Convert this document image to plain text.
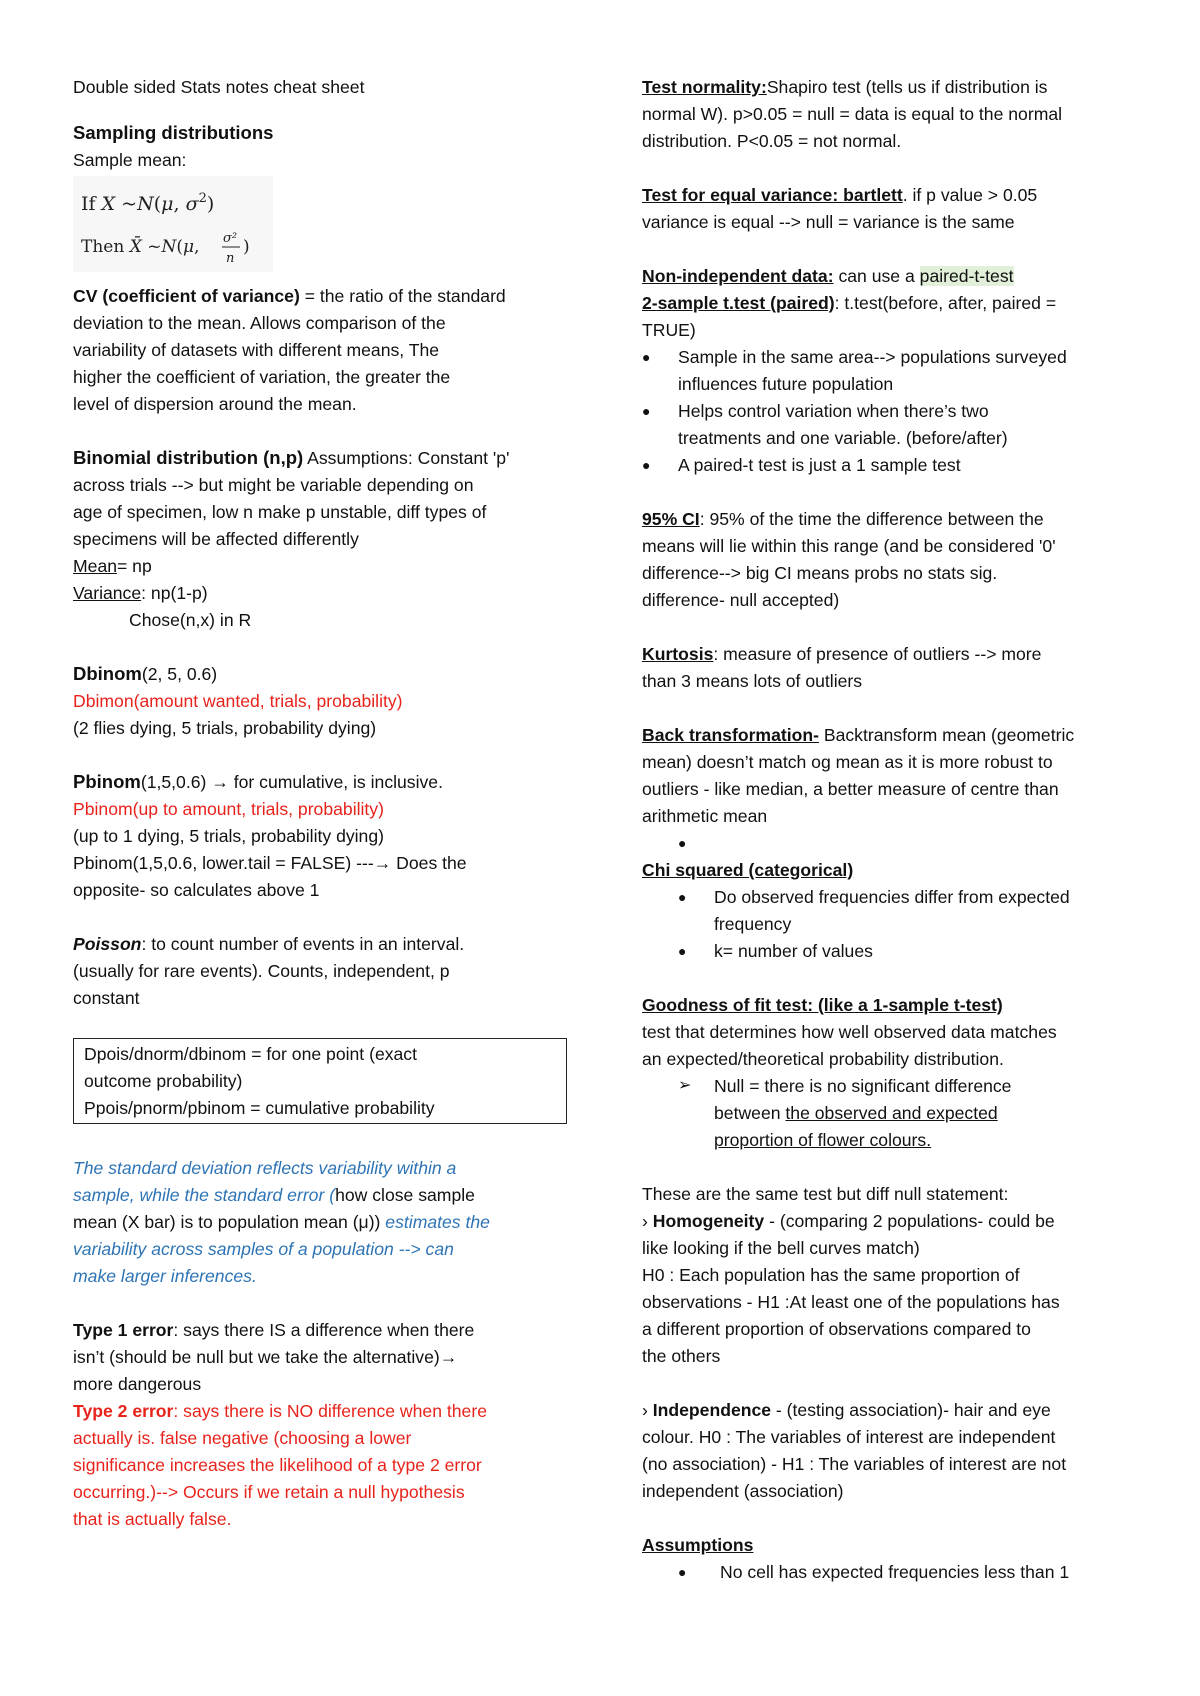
Double sided Stats notes cheat sheet
Sampling distributions
Sample mean:
If X ~N(μ, $\sigma^2$)
Then X̄ ~N(μ, σ²
n
)
CV (coefficient of variance) = the ratio of the standard
deviation to the mean. Allows comparison of the
variability of datasets with different means, The
higher the coefficient of variation, the greater the
level of dispersion around the mean.
Binomial distribution (n,p) Assumptions: Constant 'p'
across trials --> but might be variable depending on
age of specimen, low n make p unstable, diff types of
specimens will be affected differently
Mean= np
Variance: np(1-p)
Chose(n,x) in R
Dbinom(2, 5, 0.6)
Dbimon(amount wanted, trials, probability)
(2 flies dying, 5 trials, probability dying)
Pbinom(1,5,0.6) → for cumulative, is inclusive.
Pbinom(up to amount, trials, probability)
(up to 1 dying, 5 trials, probability dying)
Pbinom(1,5,0.6, lower.tail = FALSE) ---→ Does the
opposite- so calculates above 1
Poisson: to count number of events in an interval.
(usually for rare events). Counts, independent, p
constant
Dpois/dnorm/dbinom = for one point (exact
outcome probability)
Ppois/pnorm/pbinom = cumulative probability
The standard deviation reflects variability within a
sample, while the standard error (how close sample
mean (X bar) is to population mean (μ)) estimates the
variability across samples of a population --> can
make larger inferences.
Type 1 error: says there IS a difference when there
isn’t (should be null but we take the alternative)→
more dangerous
Type 2 error: says there is NO difference when there
actually is. false negative (choosing a lower
significance increases the likelihood of a type 2 error
occurring.)--> Occurs if we retain a null hypothesis
that is actually false.
Test normality:Shapiro test (tells us if distribution is
normal W). p>0.05 = null = data is equal to the normal
distribution. P<0.05 = not normal.
Test for equal variance: bartlett. if p value > 0.05
variance is equal --> null = variance is the same
Non-independent data: can use a paired-t-test
2-sample t.test (paired): t.test(before, after, paired =
TRUE)
● Sample in the same area--> populations surveyed
influences future population
● Helps control variation when there’s two
treatments and one variable. (before/after)
● A paired-t test is just a 1 sample test
95% CI: 95% of the time the difference between the
means will lie within this range (and be considered '0'
difference--> big CI means probs no stats sig.
difference- null accepted)
Kurtosis: measure of presence of outliers --> more
than 3 means lots of outliers
Back transformation- Backtransform mean (geometric
mean) doesn’t match og mean as it is more robust to
outliers - like median, a better measure of centre than
arithmetic mean
●
Chi squared (categorical)
● Do observed frequencies differ from expected
frequency
● k= number of values
Goodness of fit test: (like a 1-sample t-test)
test that determines how well observed data matches
an expected/theoretical probability distribution.
➢ Null = there is no significant difference
between the observed and expected
proportion of flower colours.
These are the same test but diff null statement:
› Homogeneity - (comparing 2 populations- could be
like looking if the bell curves match)
H0 : Each population has the same proportion of
observations - H1 :At least one of the populations has
a different proportion of observations compared to
the others
› Independence - (testing association)- hair and eye
colour. H0 : The variables of interest are independent
(no association) - H1 : The variables of interest are not
independent (association)
Assumptions
● No cell has expected frequencies less than 1
